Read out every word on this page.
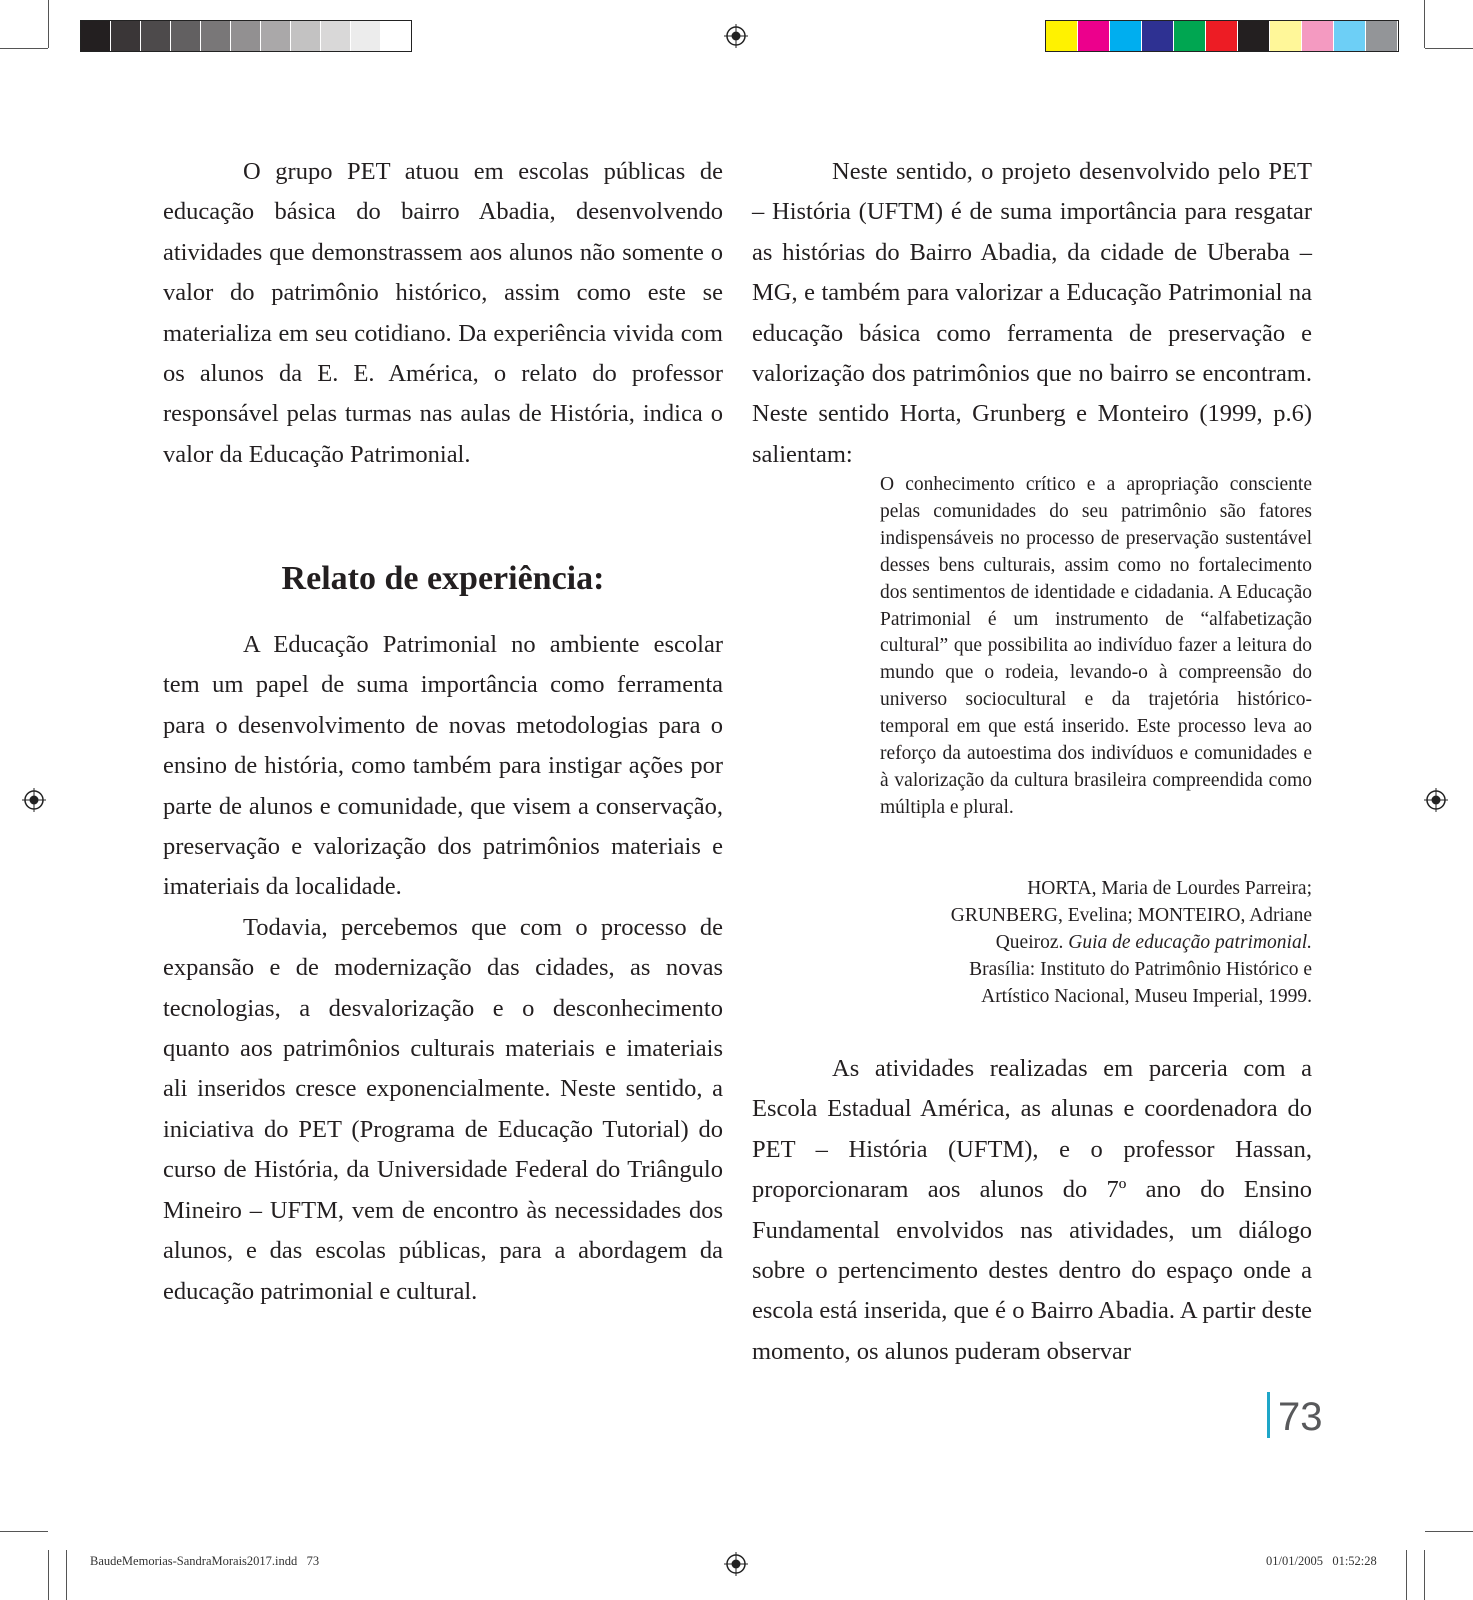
O grupo PET atuou em escolas públicas de educação básica do bairro Abadia, desenvolvendo atividades que demonstrassem aos alunos não somente o valor do patrimônio histórico, assim como este se materializa em seu cotidiano. Da experiência vivida com os alunos da E. E. América, o relato do professor responsável pelas turmas nas aulas de História, indica o valor da Educação Patrimonial.

Relato de experiência:

A Educação Patrimonial no ambiente escolar tem um papel de suma importância como ferramenta para o desenvolvimento de novas metodologias para o ensino de história, como também para instigar ações por parte de alunos e comunidade, que visem a conservação, preservação e valorização dos patrimônios materiais e imateriais da localidade.

Todavia, percebemos que com o processo de expansão e de modernização das cidades, as novas tecnologias, a desvalorização e o desconhecimento quanto aos patrimônios culturais materiais e imateriais ali inseridos cresce exponencialmente. Neste sentido, a iniciativa do PET (Programa de Educação Tutorial) do curso de História, da Universidade Federal do Triângulo Mineiro – UFTM, vem de encontro às necessidades dos alunos, e das escolas públicas, para a abordagem da educação patrimonial e cultural.

Neste sentido, o projeto desenvolvido pelo PET – História (UFTM) é de suma importância para resgatar as histórias do Bairro Abadia, da cidade de Uberaba – MG, e também para valorizar a Educação Patrimonial na educação básica como ferramenta de preservação e valorização dos patrimônios que no bairro se encontram. Neste sentido Horta, Grunberg e Monteiro (1999, p.6) salientam:

O conhecimento crítico e a apropriação consciente pelas comunidades do seu patrimônio são fatores indispensáveis no processo de preservação sustentável desses bens culturais, assim como no fortalecimento dos sentimentos de identidade e cidadania. A Educação Patrimonial é um instrumento de “alfabetização cultural” que possibilita ao indivíduo fazer a leitura do mundo que o rodeia, levando-o à compreensão do universo sociocultural e da trajetória histórico-temporal em que está inserido. Este processo leva ao reforço da autoestima dos indivíduos e comunidades e à valorização da cultura brasileira compreendida como múltipla e plural.

HORTA, Maria de Lourdes Parreira;
GRUNBERG, Evelina; MONTEIRO, Adriane
Queiroz. Guia de educação patrimonial.
Brasília: Instituto do Patrimônio Histórico e
Artístico Nacional, Museu Imperial, 1999.

As atividades realizadas em parceria com a Escola Estadual América, as alunas e coordenadora do PET – História (UFTM), e o professor Hassan, proporcionaram aos alunos do 7º ano do Ensino Fundamental envolvidos nas atividades, um diálogo sobre o pertencimento destes dentro do espaço onde a escola está inserida, que é o Bairro Abadia. A partir deste momento, os alunos puderam observar

73
BaudeMemorias-SandraMorais2017.indd   73	01/01/2005   01:52:28
